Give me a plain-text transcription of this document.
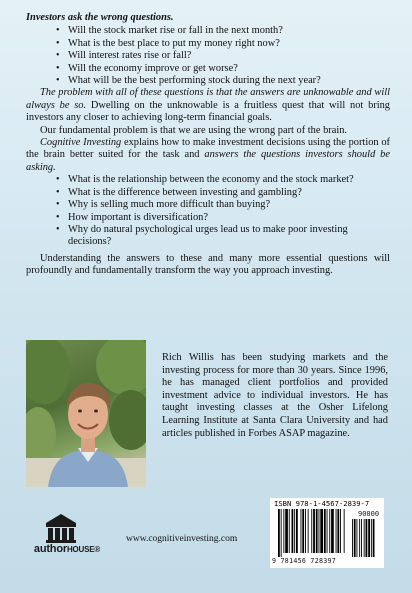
Investors ask the wrong questions.
• Will the stock market rise or fall in the next month?
• What is the best place to put my money right now?
• Will interest rates rise or fall?
• Will the economy improve or get worse?
• What will be the best performing stock during the next year?

The problem with all of these questions is that the answers are unknowable and will always be so. Dwelling on the unknowable is a fruitless quest that will not bring investors any closer to achieving long-term financial goals.

Our fundamental problem is that we are using the wrong part of the brain.

Cognitive Investing explains how to make investment decisions using the portion of the brain better suited for the task and answers the questions investors should be asking.

• What is the relationship between the economy and the stock market?
• What is the difference between investing and gambling?
• Why is selling much more difficult than buying?
• How important is diversification?
• Why do natural psychological urges lead us to make poor investing decisions?

Understanding the answers to these and many more essential questions will profoundly and fundamentally transform the way you approach investing.

Rich Willis has been studying markets and the investing process for more than 30 years. Since 1996, he has managed client portfolios and provided investment advice to individual investors. He has taught investing classes at the Osher Lifelong Learning Institute at Santa Clara University and had articles published in Forbes ASAP magazine.
authorHOUSE®
www.cognitiveinvesting.com
ISBN 978-1-4567-2839-7
90000
9 781456 728397
